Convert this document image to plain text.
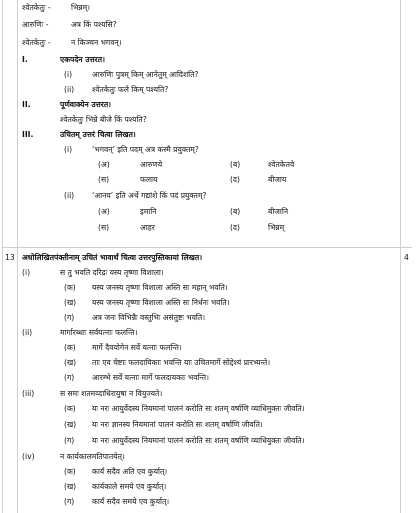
श्वेतकेतुः -	भिन्नम्।
आरुणिः -	अत्र किं पश्यसि?
श्वेतकेतुः -	न किञ्चन भगवन्।
I.	एकपदेन उत्तरत।
(i)	आरुणिः पुत्रम् किम् आनेतुम् आदिशति?
(ii) श्वेतकेतुः फले किम् पश्यति?
II.	पूर्णवाक्येन उत्तरत।
श्वेतकेतुः भिन्ने बीजे किं पश्यति?
III.	उचितम् उत्तरं चित्वा लिखत।
(i)	‘भगवन्’ इति पदम् अत्र कस्मै प्रयुक्तम्?
(अ)	आरुणये	(ब)	श्वेतकेतवे
(स)	फलाय	(द)	बीजाय
(ii) ‘आनय’ इति अर्थे गद्यांशे किं पदं प्रयुक्तम्?
(अ)	इमानि	(ब)	बीजानि
(स)	आहर	(द)	भिन्नम्
13 अधोलिखितपंक्तीनाम् उचितं भावार्थं चित्वा उत्तरपुस्तिकायां लिखत।	4
(i)	स तु भवति दरिद्रः यस्य तृष्णा विशाला।
(क) यस्य जनस्य तृष्णा विशाला अस्ति सः महान् भवति।
(ख) यस्य जनस्य तृष्णा विशाला अस्ति सः निर्धनः भवति।
(ग) अत्र जनः विभिन्नैः वस्तुभिः असंतुष्टः भवति।
(ii)	मार्गारब्धाः सर्वयत्नाः फलन्ति।
(क) मार्गे दैवयोगेन सर्वे यत्नाः फलन्ति।
(ख) ताः एव चेष्टाः फलदायिकाः भवन्ति याः उचितमार्गे सोद्देश्यं प्रारभ्यन्ते।
(ग) आरम्भे सर्वे यत्नाः मार्गे फलदायकाः भवन्ति।
(iii)	स समः शतमव्दाधिरायुषा न वियुज्यते।
(क) यः नरः आयुर्वेदस्य नियमानां पालनं करोति सः शतम् वर्षाणि व्याधिमुक्तः जीवति।
(ख) यः नरः ज्ञानस्य नियमानां पालनं करोति सः शतम् वर्षाणि जीवति।
(ग) यः नरः आयुर्वेदस्य नियमानां पालनं करोति सः शतम् वर्षाणि व्याधियुक्तः जीवति।
(iv)	न कार्यकालमतिपातयेत्।
(क) कार्यं सदैव अति एव कुर्यात्।
(ख) कार्यकाले समये एव कुर्यात्।
(ग) कार्यं सदैव समये एव कुर्यात्।
